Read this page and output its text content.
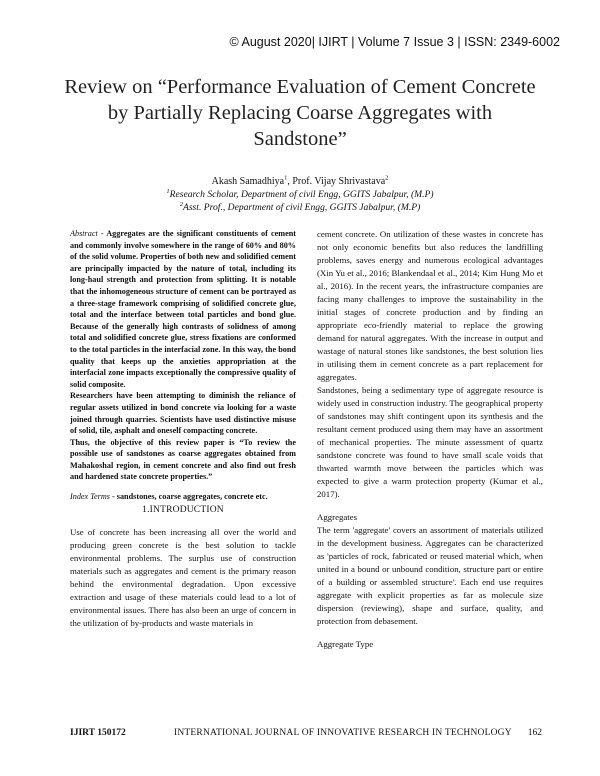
© August 2020| IJIRT | Volume 7 Issue 3 | ISSN: 2349-6002
Review on “Performance Evaluation of Cement Concrete
by Partially Replacing Coarse Aggregates with
Sandstone”
Akash Samadhiya$^1$, Prof. Vijay Shrivastava$^2$
$^1$Research Scholar, Department of civil Engg, GGITS Jabalpur, (M.P)
$^2$Asst. Prof., Department of civil Engg, GGITS Jabalpur, (M.P)

Abstract - Aggregates are the significant constituents of cement and commonly involve somewhere in the range of 60% and 80% of the solid volume. Properties of both new and solidified cement are principally impacted by the nature of total, including its long-haul strength and protection from splitting. It is notable that the inhomogeneous structure of cement can be portrayed as a three-stage framework comprising of solidified concrete glue, total and the interface between total particles and bond glue. Because of the generally high contrasts of solidness of among total and solidified concrete glue, stress fixations are conformed to the total particles in the interfacial zone. In this way, the bond quality that keeps up the anxieties appropriation at the interfacial zone impacts exceptionally the compressive quality of solid composite.

Researchers have been attempting to diminish the reliance of regular assets utilized in bond concrete via looking for a waste joined through quarries. Scientists have used distinctive misuse of solid, tile, asphalt and oneself compacting concrete.

Thus, the objective of this review paper is “To review the possible use of sandstones as coarse aggregates obtained from Mahakoshal region, in cement concrete and also find out fresh and hardened state concrete properties.”

Index Terms - sandstones, coarse aggregates, concrete etc.

1.INTRODUCTION

Use of concrete has been increasing all over the world and producing green concrete is the best solution to tackle environmental problems. The surplus use of construction materials such as aggregates and cement is the primary reason behind the environmental degradation. Upon excessive extraction and usage of these materials could lead to a lot of environmental issues. There has also been an urge of concern in the utilization of by-products and waste materials in

cement concrete. On utilization of these wastes in concrete has not only economic benefits but also reduces the landfilling problems, saves energy and numerous ecological advantages (Xin Yu et al., 2016; Blankendaal et al., 2014; Kim Hung Mo et al., 2016). In the recent years, the infrastructure companies are facing many challenges to improve the sustainability in the initial stages of concrete production and by finding an appropriate eco-friendly material to replace the growing demand for natural aggregates. With the increase in output and wastage of natural stones like sandstones, the best solution lies in utilising them in cement concrete as a part replacement for aggregates.

Sandstones, being a sedimentary type of aggregate resource is widely used in construction industry. The geographical property of sandstones may shift contingent upon its synthesis and the resultant cement produced using them may have an assortment of mechanical properties. The minute assessment of quartz sandstone concrete was found to have small scale voids that thwarted warmth move between the particles which was expected to give a warm protection property (Kumar et al., 2017).

Aggregates

The term 'aggregate' covers an assortment of materials utilized in the development business. Aggregates can be characterized as 'particles of rock, fabricated or reused material which, when united in a bound or unbound condition, structure part or entire of a building or assembled structure'. Each end use requires aggregate with explicit properties as far as molecule size dispersion (reviewing), shape and surface, quality, and protection from debasement.

Aggregate Type

IJIRT 150172	INTERNATIONAL JOURNAL OF INNOVATIVE RESEARCH IN TECHNOLOGY 162
